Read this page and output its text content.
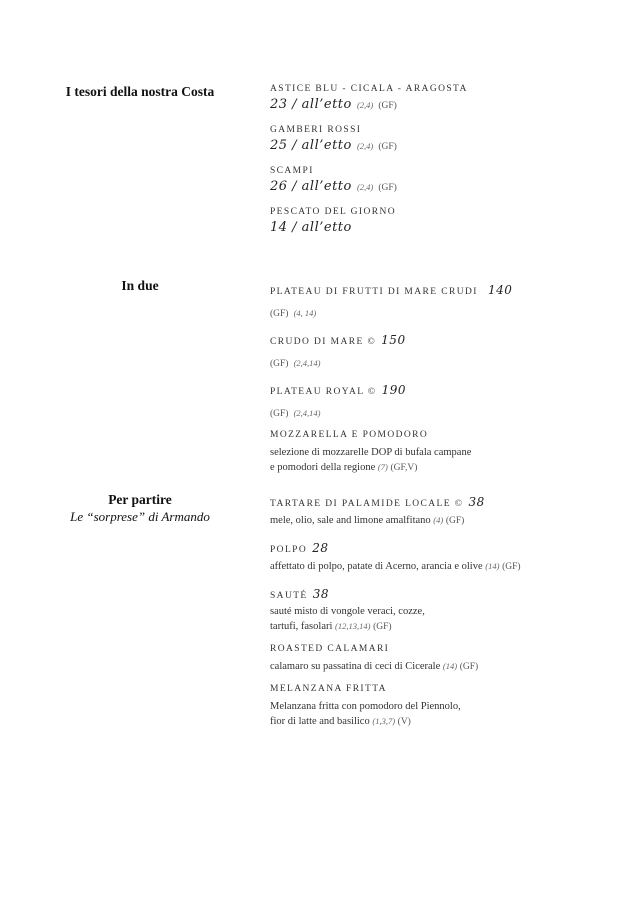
I tesori della nostra Costa	ASTICE BLU - CICALA - ARAGOSTA
23 / all’etto (2,4) (GF)
GAMBERI ROSSI
25 / all’etto (2,4) (GF)
SCAMPI
26 / all’etto (2,4) (GF)
PESCATO DEL GIORNO
14 / all’etto
In due	PLATEAU DI FRUTTI DI MARE CRUDI 140
(GF) (4, 14)
CRUDO DI MARE © 150
(GF) (2,4,14)
PLATEAU ROYAL © 190
(GF) (2,4,14)
MOZZARELLA E POMODORO
selezione di mozzarelle DOP di bufala campane
e pomodori della regione (7) (GF,V)
Per partire
Le “sorprese” di Armando
TARTARE DI PALAMIDE LOCALE © 38
mele, olio, sale and limone amalfitano (4) (GF)
POLPO 28
affettato di polpo, patate di Acerno, arancia e olive (14) (GF)
SAUTÉ 38
sauté misto di vongole veraci, cozze,
tartufi, fasolari (12,13,14) (GF)
ROASTED CALAMARI
calamaro su passatina di ceci di Cicerale (14) (GF)
MELANZANA FRITTA
Melanzana fritta con pomodoro del Piennolo,
fior di latte and basilico (1,3,7) (V)
